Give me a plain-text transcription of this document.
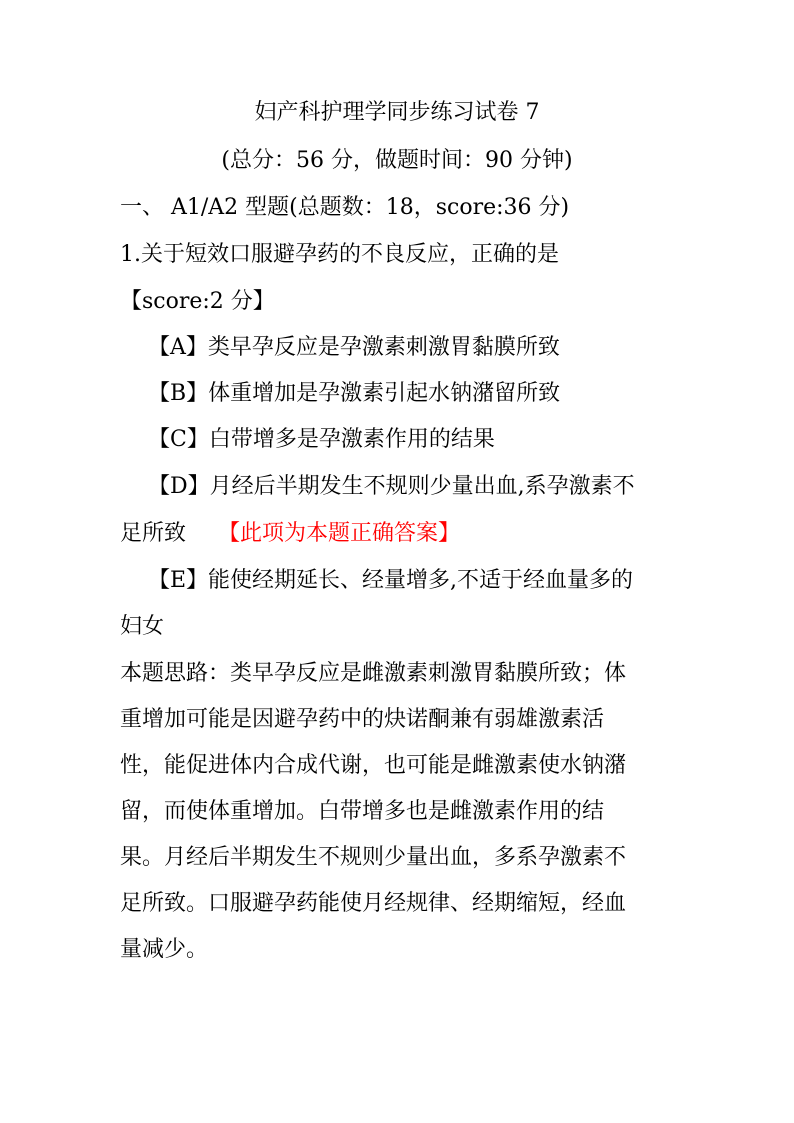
妇产科护理学同步练习试卷 7
(总分：56 分，做题时间：90 分钟)
一、 A1/A2 型题(总题数：18，score:36 分)
1.关于短效口服避孕药的不良反应，正确的是
【score:2 分】
【A】类早孕反应是孕激素刺激胃黏膜所致
【B】体重增加是孕激素引起水钠潴留所致
【C】白带增多是孕激素作用的结果
【D】月经后半期发生不规则少量出血,系孕激素不
足所致 【此项为本题正确答案】
【E】能使经期延长、经量增多,不适于经血量多的
妇女
本题思路：类早孕反应是雌激素刺激胃黏膜所致；体
重增加可能是因避孕药中的炔诺酮兼有弱雄激素活
性，能促进体内合成代谢，也可能是雌激素使水钠潴
留，而使体重增加。白带增多也是雌激素作用的结
果。月经后半期发生不规则少量出血，多系孕激素不
足所致。口服避孕药能使月经规律、经期缩短，经血
量减少。
